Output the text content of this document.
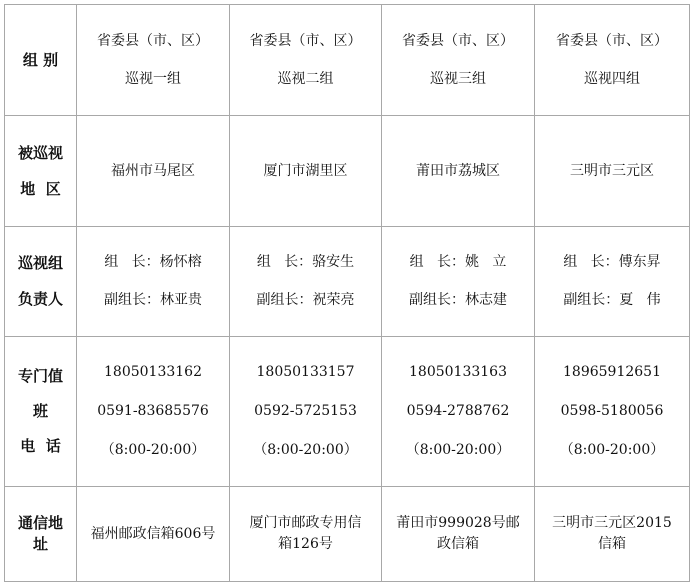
组 别
被巡视
地  区
巡视组
负责人
专门值
班
电  话
通信地
址
省委县（市、区）
巡视一组
福州市马尾区
组   长：杨怀榕
副组长：林亚贵
18050133162
0591-83685576
（8:00-20:00）
福州邮政信箱606号
省委县（市、区）
巡视二组
厦门市湖里区
组   长：骆安生
副组长：祝荣亮
18050133157
0592-5725153
（8:00-20:00）
厦门市邮政专用信
箱126号
省委县（市、区）
巡视三组
莆田市荔城区
组   长：姚   立
副组长：林志建
18050133163
0594-2788762
（8:00-20:00）
莆田市999028号邮
政信箱
省委县（市、区）
巡视四组
三明市三元区
组   长：傅东昇
副组长：夏   伟
18965912651
0598-5180056
（8:00-20:00）
三明市三元区2015
信箱
